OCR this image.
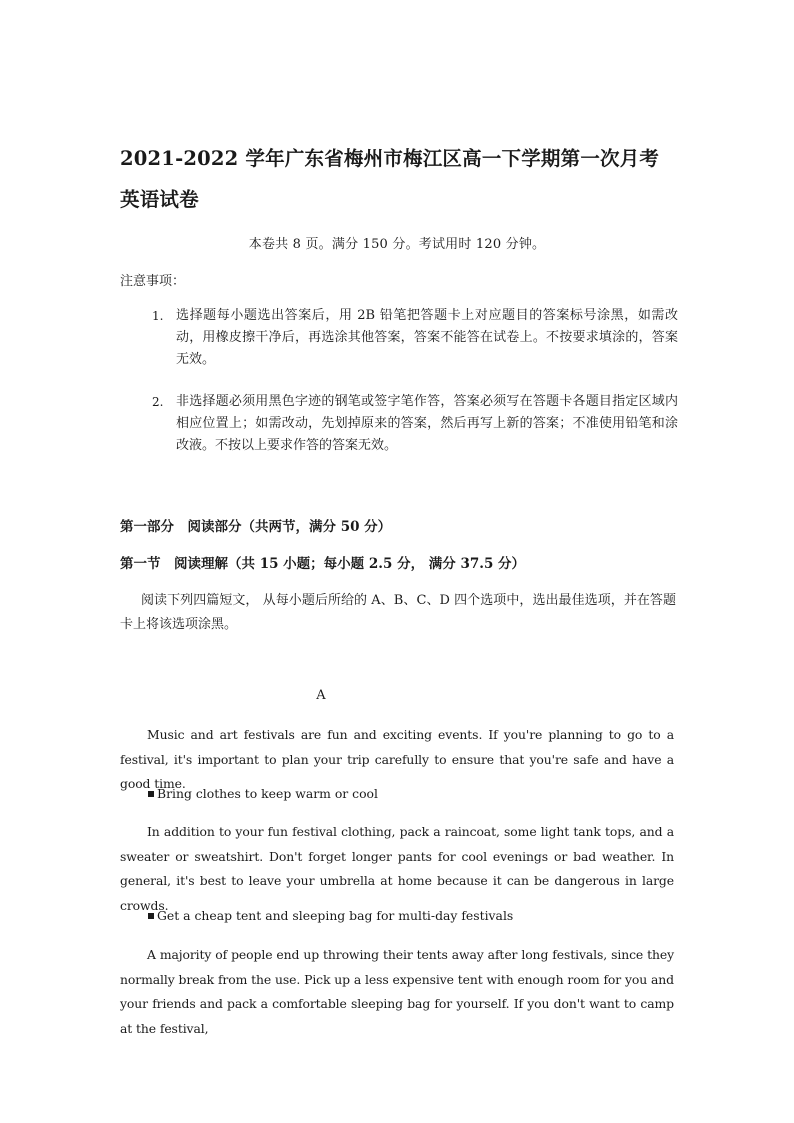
2021-2022 学年广东省梅州市梅江区高一下学期第一次月考
英语试卷
本卷共 8 页。满分 150 分。考试用时 120 分钟。
注意事项：
1. 选择题每小题选出答案后，用 2B 铅笔把答题卡上对应题目的答案标号涂黑，如需改动，用橡皮擦干净后，再选涂其他答案，答案不能答在试卷上。不按要求填涂的，答案无效。
2. 非选择题必须用黑色字迹的钢笔或签字笔作答，答案必须写在答题卡各题目指定区域内相应位置上；如需改动，先划掉原来的答案，然后再写上新的答案；不准使用铅笔和涂改液。不按以上要求作答的答案无效。
第一部分　阅读部分（共两节，满分 50 分）
第一节　阅读理解（共 15 小题；每小题 2.5 分， 满分 37.5 分）
阅读下列四篇短文， 从每小题后所给的 A、B、C、D 四个选项中，选出最佳选项，并在答题卡上将该选项涂黑。
A
Music and art festivals are fun and exciting events. If you're planning to go to a festival, it's important to plan your trip carefully to ensure that you're safe and have a good time.
Bring clothes to keep warm or cool
In addition to your fun festival clothing, pack a raincoat, some light tank tops, and a sweater or sweatshirt. Don't forget longer pants for cool evenings or bad weather. In general, it's best to leave your umbrella at home because it can be dangerous in large crowds.
Get a cheap tent and sleeping bag for multi-day festivals
A majority of people end up throwing their tents away after long festivals, since they normally break from the use. Pick up a less expensive tent with enough room for you and your friends and pack a comfortable sleeping bag for yourself. If you don't want to camp at the festival,
